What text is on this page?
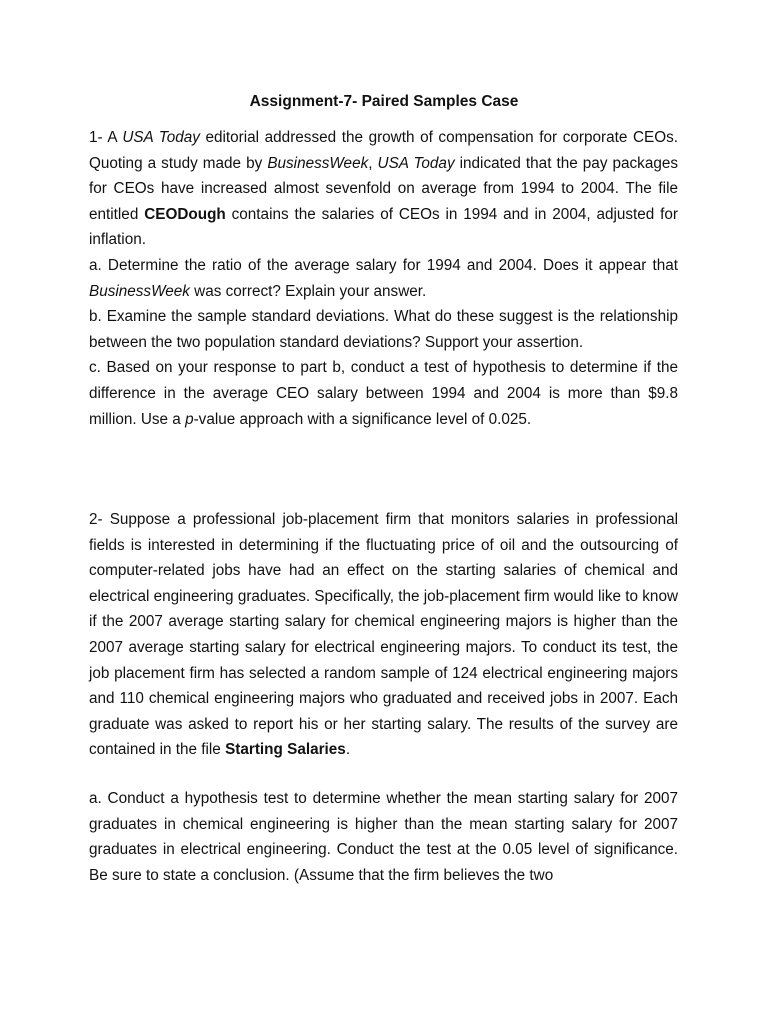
Assignment-7- Paired Samples Case

1- A USA Today editorial addressed the growth of compensation for corporate CEOs. Quoting a study made by BusinessWeek, USA Today indicated that the pay packages for CEOs have increased almost sevenfold on average from 1994 to 2004. The file entitled CEODough contains the salaries of CEOs in 1994 and in 2004, adjusted for inflation.

a. Determine the ratio of the average salary for 1994 and 2004. Does it appear that BusinessWeek was correct? Explain your answer.

b. Examine the sample standard deviations. What do these suggest is the relationship between the two population standard deviations? Support your assertion.

c. Based on your response to part b, conduct a test of hypothesis to determine if the difference in the average CEO salary between 1994 and 2004 is more than $9.8 million. Use a p-value approach with a significance level of 0.025.

2- Suppose a professional job-placement firm that monitors salaries in professional fields is interested in determining if the fluctuating price of oil and the outsourcing of computer-related jobs have had an effect on the starting salaries of chemical and electrical engineering graduates. Specifically, the job-placement firm would like to know if the 2007 average starting salary for chemical engineering majors is higher than the 2007 average starting salary for electrical engineering majors. To conduct its test, the job placement firm has selected a random sample of 124 electrical engineering majors and 110 chemical engineering majors who graduated and received jobs in 2007. Each graduate was asked to report his or her starting salary. The results of the survey are contained in the file Starting Salaries.

a. Conduct a hypothesis test to determine whether the mean starting salary for 2007 graduates in chemical engineering is higher than the mean starting salary for 2007 graduates in electrical engineering. Conduct the test at the 0.05 level of significance. Be sure to state a conclusion. (Assume that the firm believes the two
